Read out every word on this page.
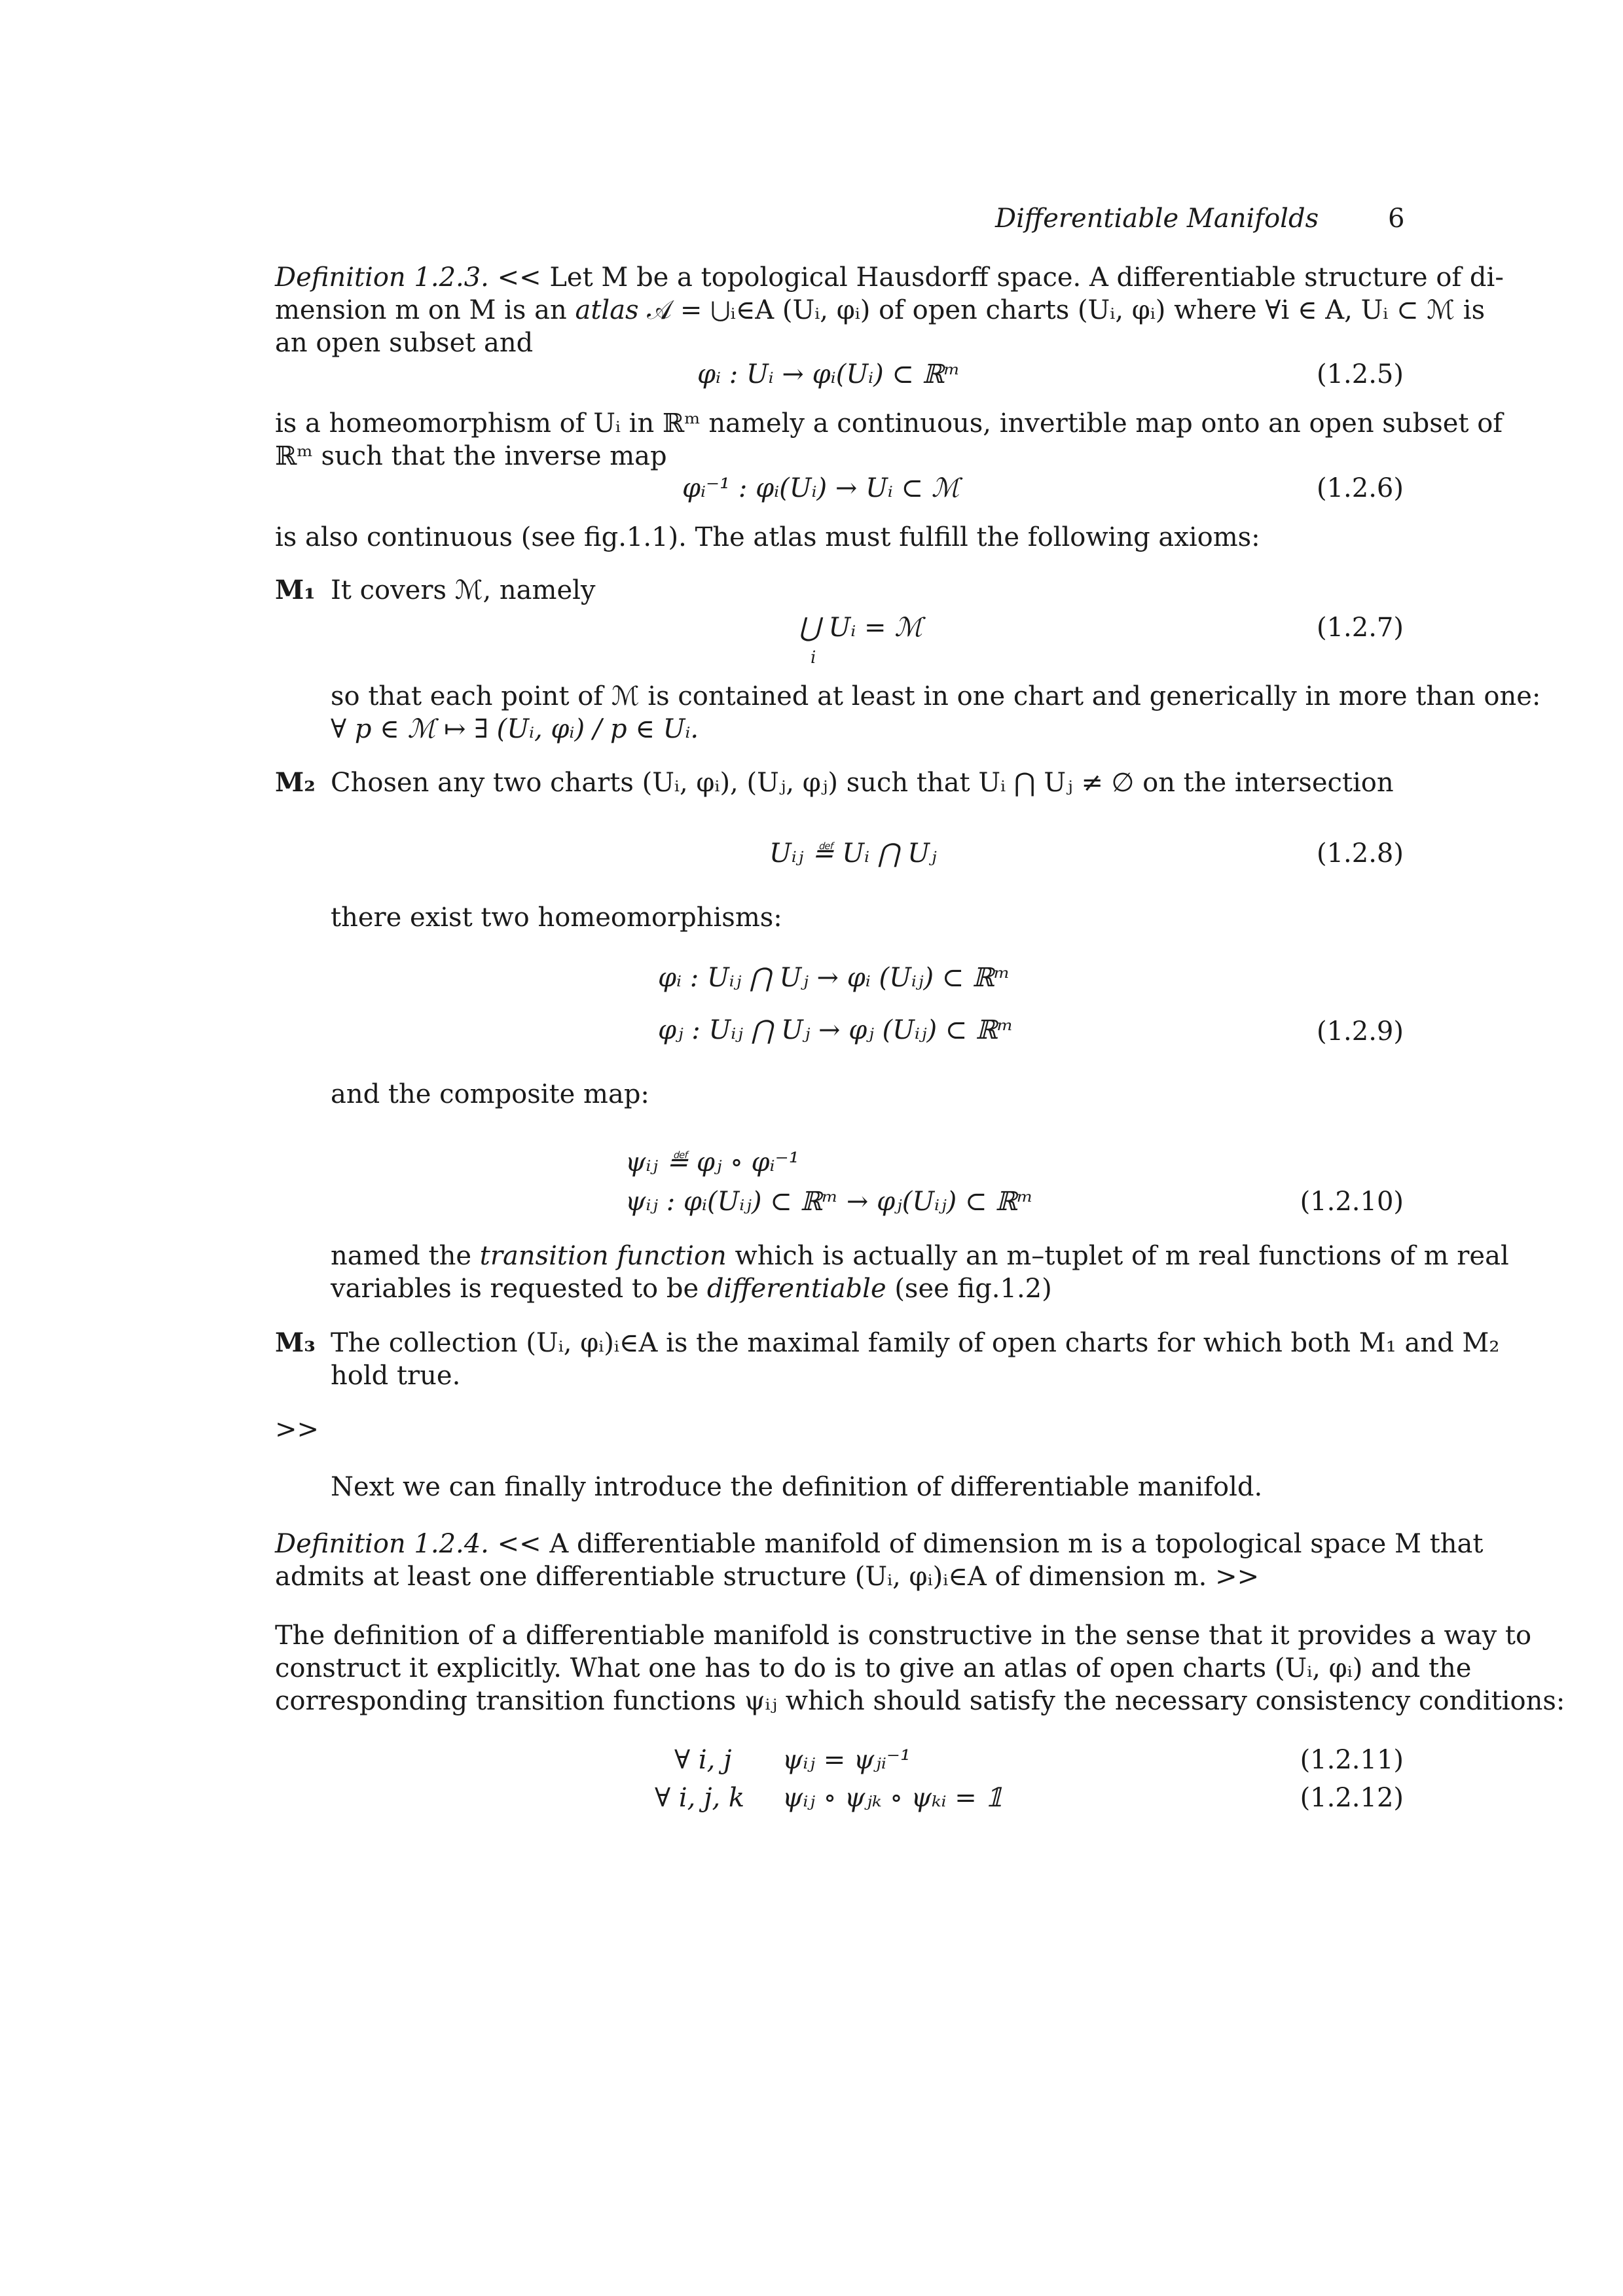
Differentiable Manifolds	6
Definition 1.2.3. << Let M be a topological Hausdorff space. A differentiable structure of di-
mension m on M is an atlas 𝒜 = ⋃ᵢ∈A (Uᵢ, φᵢ) of open charts (Uᵢ, φᵢ) where ∀i ∈ A, Uᵢ ⊂ ℳ is
an open subset and
φᵢ : Uᵢ → φᵢ(Uᵢ) ⊂ ℝᵐ	(1.2.5)
is a homeomorphism of Uᵢ in ℝᵐ namely a continuous, invertible map onto an open subset of
ℝᵐ such that the inverse map
φᵢ⁻¹ : φᵢ(Uᵢ) → Uᵢ ⊂ ℳ	(1.2.6)
is also continuous (see fig.1.1). The atlas must fulfill the following axioms:
M₁ It covers ℳ, namely
⋃ Uᵢ = ℳ
i
(1.2.7)
so that each point of ℳ is contained at least in one chart and generically in more than one:
∀ p ∈ ℳ ↦ ∃ (Uᵢ, φᵢ) / p ∈ Uᵢ.
M₂ Chosen any two charts (Uᵢ, φᵢ), (Uⱼ, φⱼ) such that Uᵢ ⋂ Uⱼ ≠ ∅ on the intersection
Uᵢⱼ ≝ Uᵢ ⋂ Uⱼ	(1.2.8)
there exist two homeomorphisms:
φᵢ : Uᵢⱼ ⋂ Uⱼ → φᵢ (Uᵢⱼ) ⊂ ℝᵐ
φⱼ : Uᵢⱼ ⋂ Uⱼ → φⱼ (Uᵢⱼ) ⊂ ℝᵐ	(1.2.9)
and the composite map:
ψᵢⱼ ≝ φⱼ ∘ φᵢ⁻¹
ψᵢⱼ : φᵢ(Uᵢⱼ) ⊂ ℝᵐ → φⱼ(Uᵢⱼ) ⊂ ℝᵐ	(1.2.10)
named the transition function which is actually an m–tuplet of m real functions of m real
variables is requested to be differentiable (see fig.1.2)
M₃ The collection (Uᵢ, φᵢ)ᵢ∈A is the maximal family of open charts for which both M₁ and M₂
hold true.
>>
Next we can finally introduce the definition of differentiable manifold.
Definition 1.2.4. << A differentiable manifold of dimension m is a topological space M that
admits at least one differentiable structure (Uᵢ, φᵢ)ᵢ∈A of dimension m. >>
The definition of a differentiable manifold is constructive in the sense that it provides a way to
construct it explicitly. What one has to do is to give an atlas of open charts (Uᵢ, φᵢ) and the
corresponding transition functions ψᵢⱼ which should satisfy the necessary consistency conditions:
∀ i, j ψᵢⱼ = ψⱼᵢ⁻¹	(1.2.11)
∀ i, j, k ψᵢⱼ ∘ ψⱼₖ ∘ ψₖᵢ = 𝟙	(1.2.12)
